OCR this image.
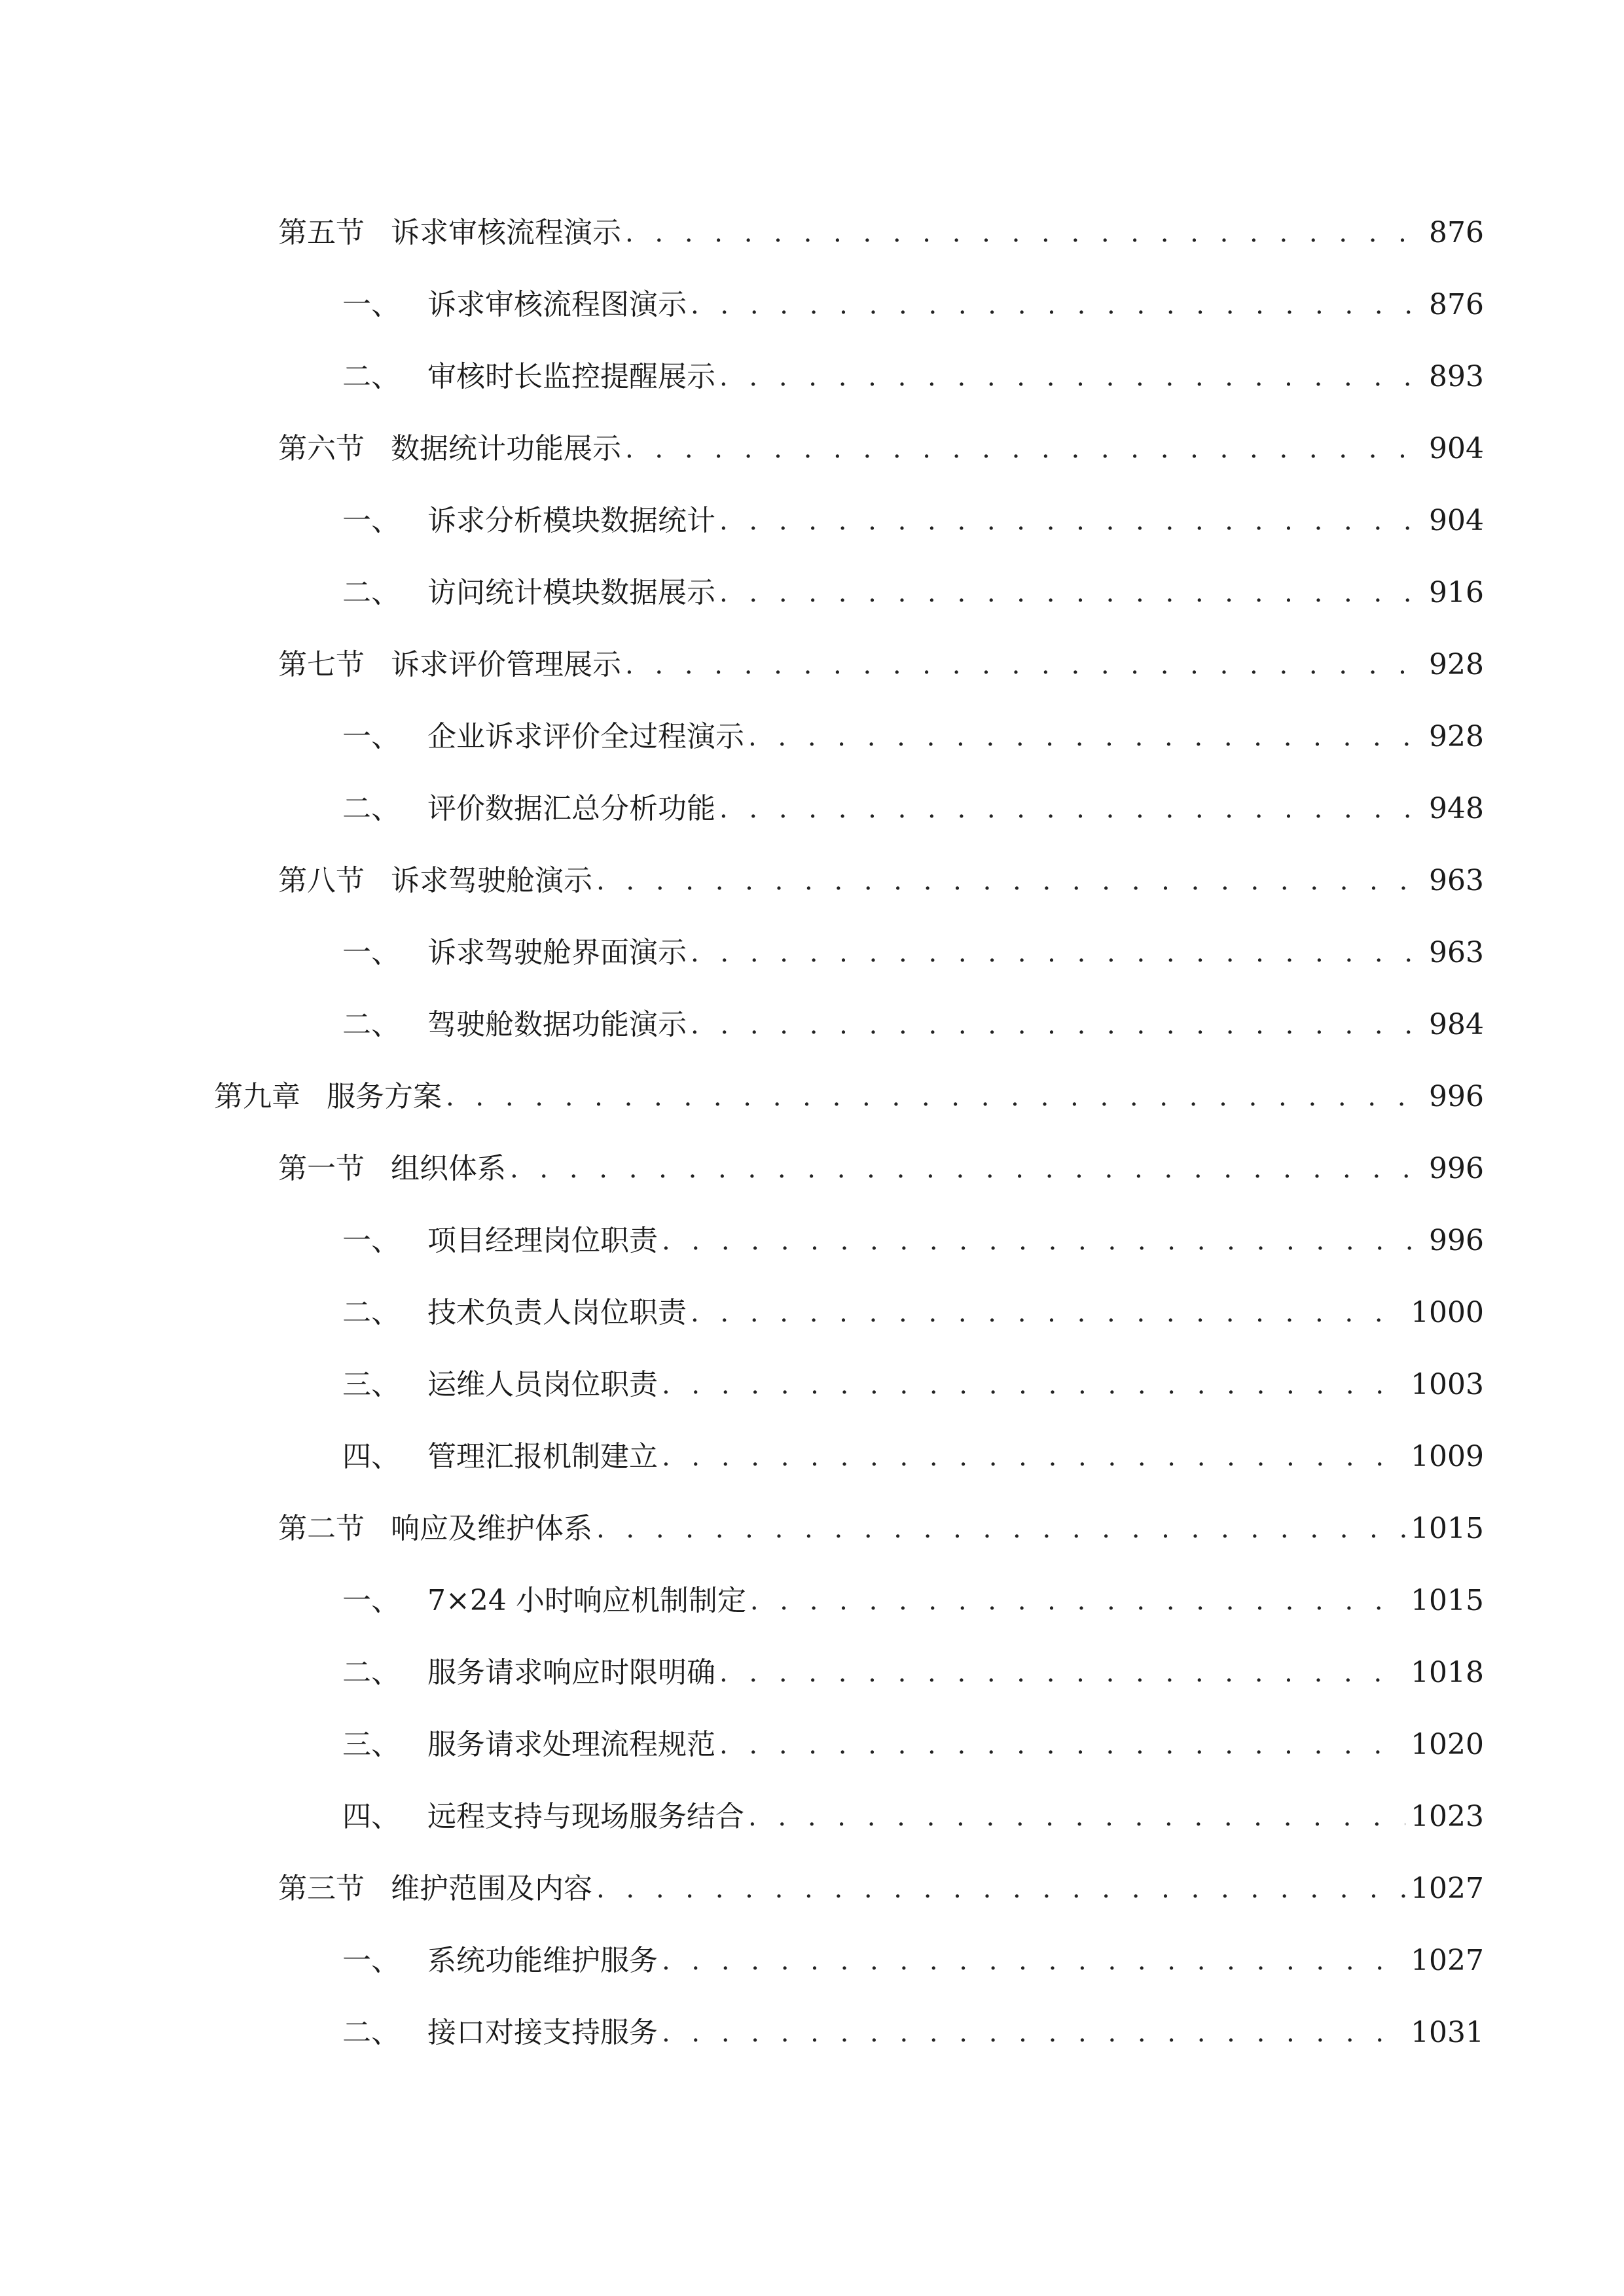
第五节 诉求审核流程演示 . . .	876
一、 诉求审核流程图演示 . . .	876
二、 审核时长监控提醒展示 . . .	893
第六节 数据统计功能展示 . . .	904
一、 诉求分析模块数据统计 . . .	904
二、 访问统计模块数据展示 . . .	916
第七节 诉求评价管理展示 . . .	928
一、 企业诉求评价全过程演示 . . .	928
二、 评价数据汇总分析功能 . . .	948
第八节 诉求驾驶舱演示 . . .	963
一、 诉求驾驶舱界面演示 . . .	963
二、 驾驶舱数据功能演示 . . .	984
第九章 服务方案 . . .	996
第一节 组织体系 . . .	996
一、 项目经理岗位职责 . . .	996
二、 技术负责人岗位职责 . . .	1000
三、 运维人员岗位职责 . . .	1003
四、 管理汇报机制建立 . . .	1009
第二节 响应及维护体系 . . .	1015
一、 7×24 小时响应机制制定 . . .	1015
二、 服务请求响应时限明确 . . .	1018
三、 服务请求处理流程规范 . . .	1020
四、 远程支持与现场服务结合 . . .	1023
第三节 维护范围及内容 . . .	1027
一、 系统功能维护服务 . . .	1027
二、 接口对接支持服务 . . .	1031
